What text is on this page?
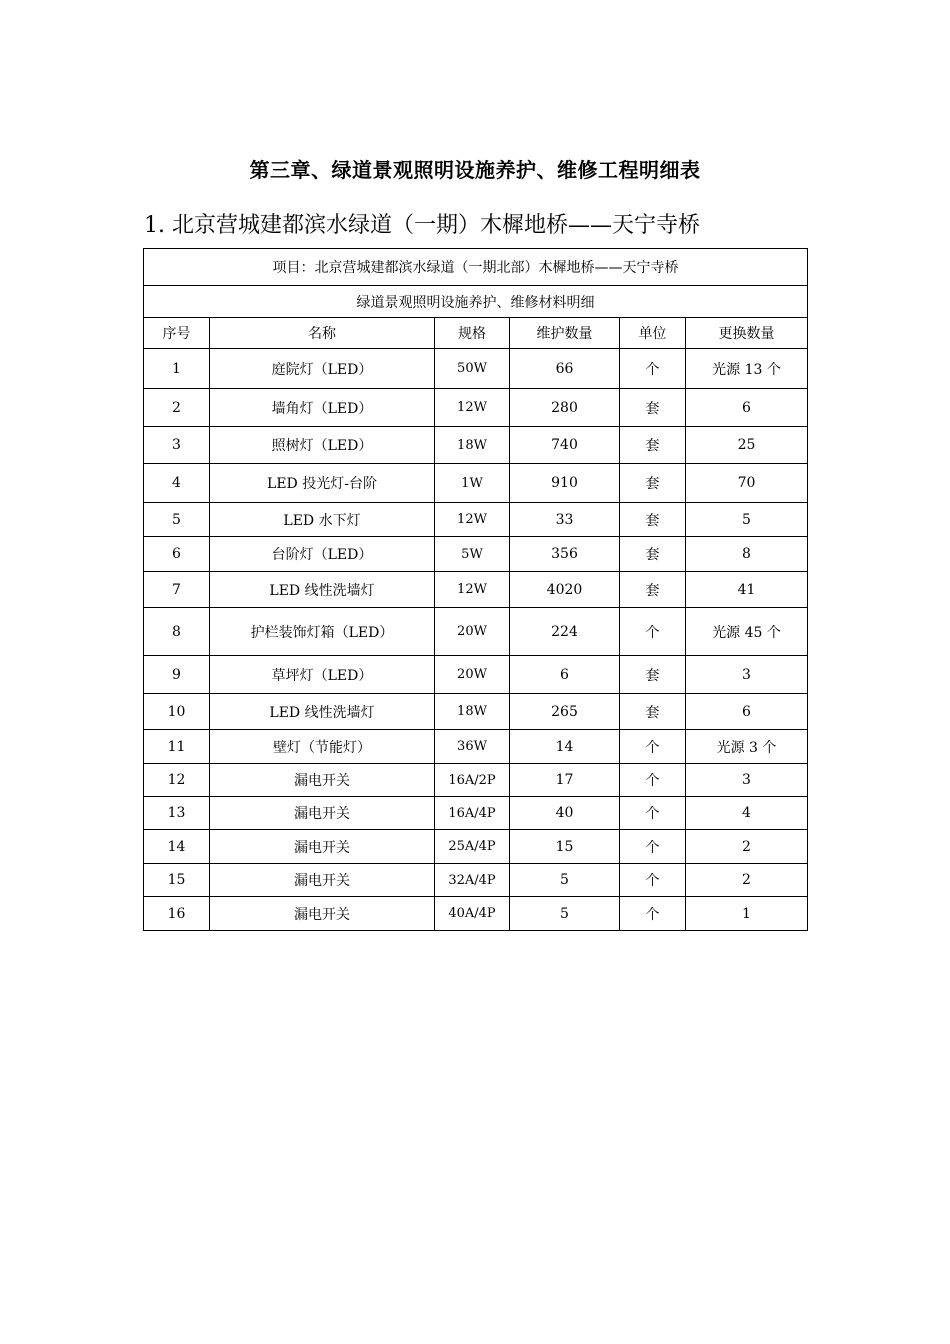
第三章、绿道景观照明设施养护、维修工程明细表
1. 北京营城建都滨水绿道（一期）木樨地桥——天宁寺桥
项目：北京营城建都滨水绿道（一期北部）木樨地桥——天宁寺桥					
绿道景观照明设施养护、维修材料明细					
序号	名称	规格	维护数量	单位	更换数量
1	庭院灯（LED）	50W	66	个	光源 13 个
2	墙角灯（LED）	12W	280	套	6
3	照树灯（LED）	18W	740	套	25
4	LED 投光灯-台阶	1W	910	套	70
5	LED 水下灯	12W	33	套	5
6	台阶灯（LED）	5W	356	套	8
7	LED 线性洗墙灯	12W	4020	套	41
8	护栏装饰灯箱（LED）	20W	224	个	光源 45 个
9	草坪灯（LED）	20W	6	套	3
10	LED 线性洗墙灯	18W	265	套	6
11	壁灯（节能灯）	36W	14	个	光源 3 个
12	漏电开关	16A/2P	17	个	3
13	漏电开关	16A/4P	40	个	4
14	漏电开关	25A/4P	15	个	2
15	漏电开关	32A/4P	5	个	2
16	漏电开关	40A/4P	5	个	1
